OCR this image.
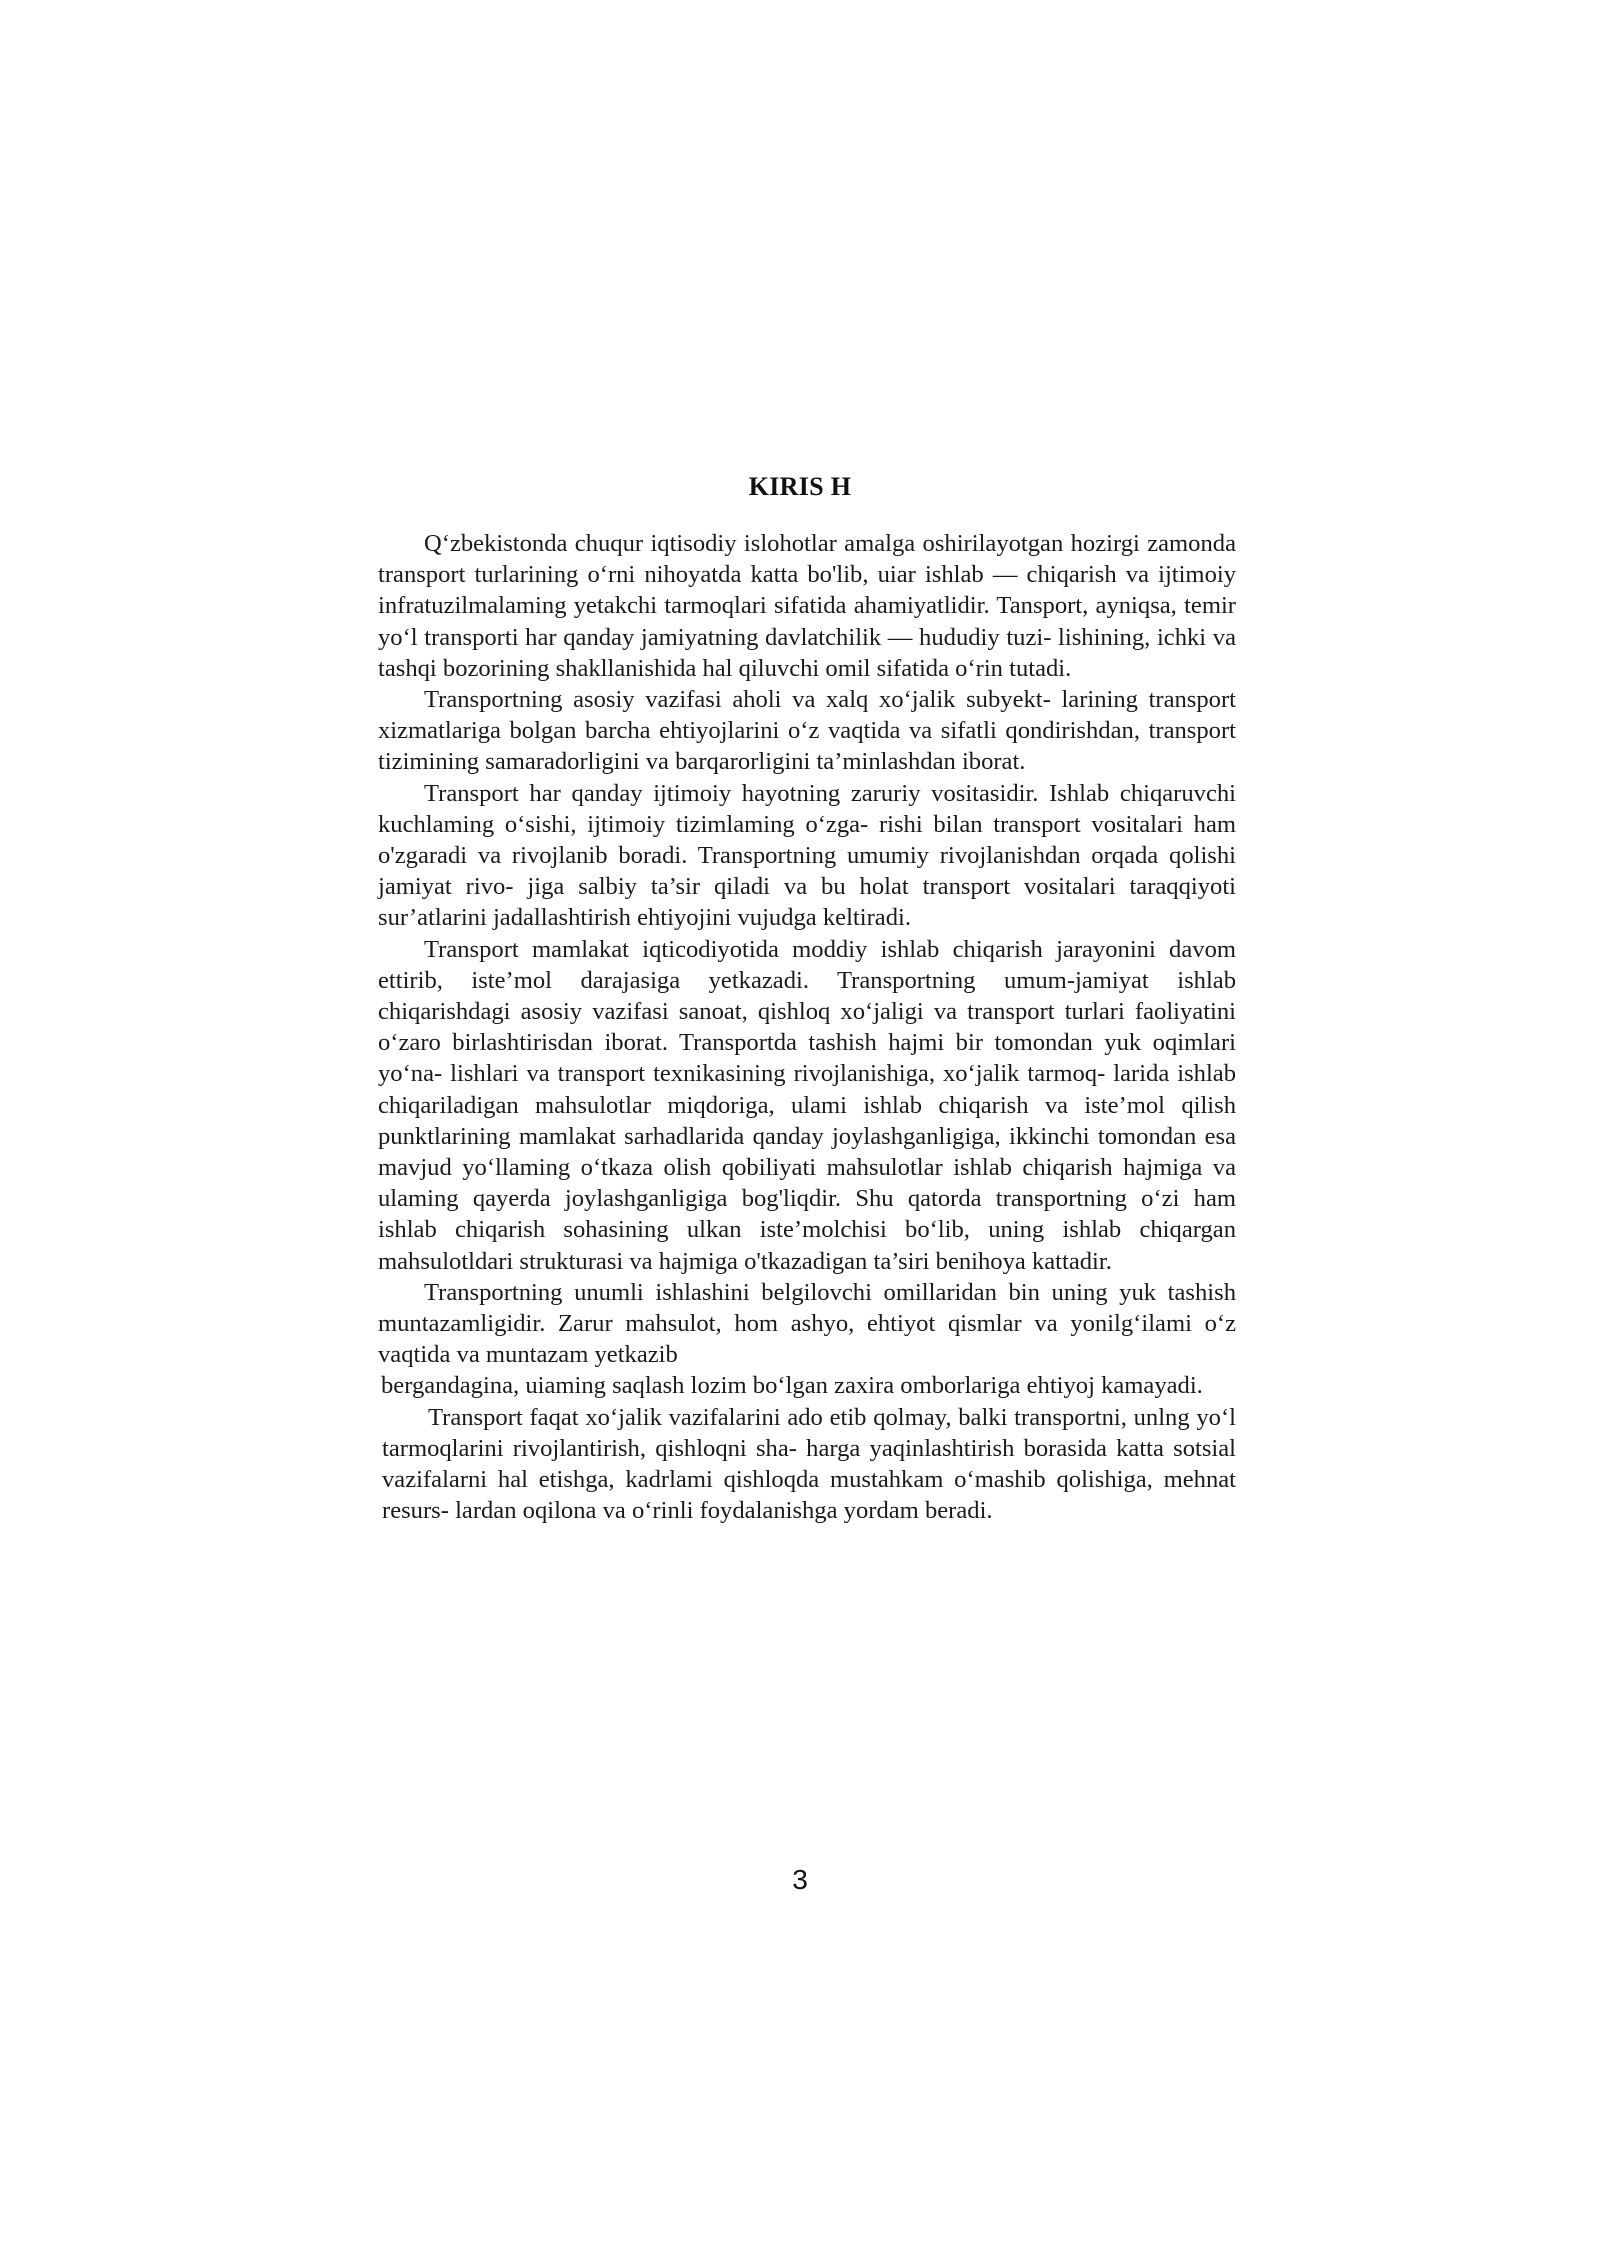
KIRIS H

Q‘zbekistonda chuqur iqtisodiy islohotlar amalga oshirilayotgan hozirgi zamonda transport turlarining o‘rni nihoyatda katta bo'lib, uiar ishlab — chiqarish va ijtimoiy infratuzilmalaming yetakchi tarmoqlari sifatida ahamiyatlidir. Tansport, ayniqsa, temir yo‘l transporti har qanday jamiyatning davlatchilik — hududiy tuzi- lishining, ichki va tashqi bozorining shakllanishida hal qiluvchi omil sifatida o‘rin tutadi.

Transportning asosiy vazifasi aholi va xalq xo‘jalik subyekt- larining transport xizmatlariga bolgan barcha ehtiyojlarini o‘z vaqtida va sifatli qondirishdan, transport tizimining samaradorligini va barqarorligini ta’minlashdan iborat.

Transport har qanday ijtimoiy hayotning zaruriy vositasidir. Ishlab chiqaruvchi kuchlaming o‘sishi, ijtimoiy tizimlaming o‘zga- rishi bilan transport vositalari ham o'zgaradi va rivojlanib boradi. Transportning umumiy rivojlanishdan orqada qolishi jamiyat rivo- jiga salbiy ta’sir qiladi va bu holat transport vositalari taraqqiyoti sur’atlarini jadallashtirish ehtiyojini vujudga keltiradi.

Transport mamlakat iqticodiyotida moddiy ishlab chiqarish jarayonini davom ettirib, iste’mol darajasiga yetkazadi. Transportning umum-jamiyat ishlab chiqarishdagi asosiy vazifasi sanoat, qishloq xo‘jaligi va transport turlari faoliyatini o‘zaro birlashtirisdan iborat. Transportda tashish hajmi bir tomondan yuk oqimlari yo‘na- lishlari va transport texnikasining rivojlanishiga, xo‘jalik tarmoq- larida ishlab chiqariladigan mahsulotlar miqdoriga, ulami ishlab chiqarish va iste’mol qilish punktlarining mamlakat sarhadlarida qanday joylashganligiga, ikkinchi tomondan esa mavjud yo‘llaming o‘tkaza olish qobiliyati mahsulotlar ishlab chiqarish hajmiga va ulaming qayerda joylashganligiga bog'liqdir. Shu qatorda transportning o‘zi ham ishlab chiqarish sohasining ulkan iste’molchisi bo‘lib, uning ishlab chiqargan mahsulotldari strukturasi va hajmiga o'tkazadigan ta’siri benihoya kattadir.

Transportning unumli ishlashini belgilovchi omillaridan bin uning yuk tashish muntazamligidir. Zarur mahsulot, hom ashyo, ehtiyot qismlar va yonilg‘ilami o‘z vaqtida va muntazam yetkazib

bergandagina, uiaming saqlash lozim bo‘lgan zaxira omborlariga ehtiyoj kamayadi.

Transport faqat xo‘jalik vazifalarini ado etib qolmay, balki transportni, unlng yo‘l tarmoqlarini rivojlantirish, qishloqni sha- harga yaqinlashtirish borasida katta sotsial vazifalarni hal etishga, kadrlami qishloqda mustahkam o‘mashib qolishiga, mehnat resurs- lardan oqilona va o‘rinli foydalanishga yordam beradi.

3
